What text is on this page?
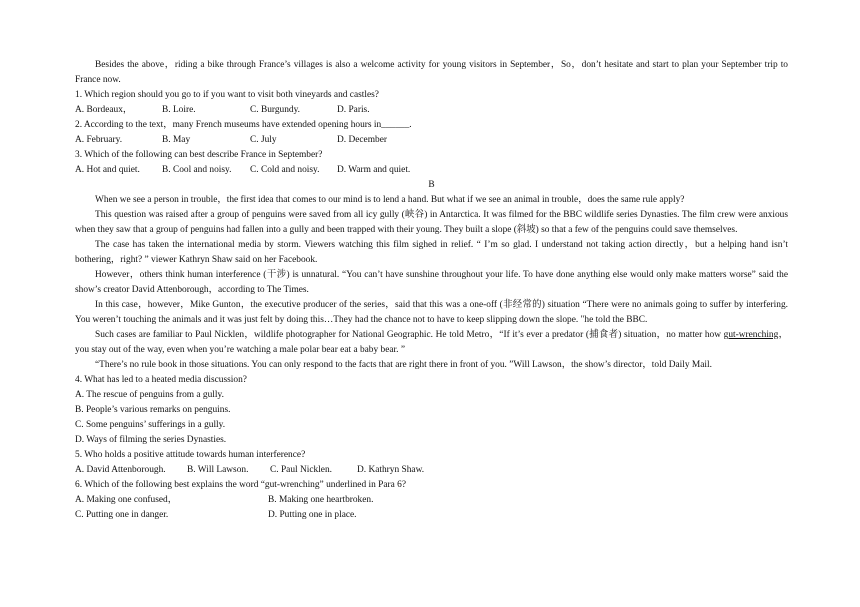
Besides the above，riding a bike through France’s villages is also a welcome activity for young visitors in September，So，don’t hesitate and start to plan your September trip to France now.
1. Which region should you go to if you want to visit both vineyards and castles?
A. Bordeaux，	B. Loire.	C. Burgundy.	D. Paris.
2. According to the text，many French museums have extended opening hours in______.
A. February.	B. May	C. July	D. December
3. Which of the following can best describe France in September?
A. Hot and quiet.	B. Cool and noisy.	C. Cold and noisy.	D. Warm and quiet.
B
When we see a person in trouble，the first idea that comes to our mind is to lend a hand. But what if we see an animal in trouble，does the same rule apply?
This question was raised after a group of penguins were saved from all icy gully (峡谷) in Antarctica. It was filmed for the BBC wildlife series Dynasties. The film crew were anxious when they saw that a group of penguins had fallen into a gully and been trapped with their young. They built a slope (斜坡) so that a few of the penguins could save themselves.
The case has taken the international media by storm. Viewers watching this film sighed in relief. “ I’m so glad. I understand not taking action directly，but a helping hand isn’t bothering，right? ” viewer Kathryn Shaw said on her Facebook.
However，others think human interference (干涉) is unnatural. “You can’t have sunshine throughout your life. To have done anything else would only make matters worse” said the show’s creator David Attenborough，according to The Times.
In this case，however，Mike Gunton，the executive producer of the series，said that this was a one-off (非经常的) situation “There were no animals going to suffer by interfering. You weren’t touching the animals and it was just felt by doing this…They had the chance not to have to keep slipping down the slope. "he told the BBC.
Such cases are familiar to Paul Nicklen，wildlife photographer for National Geographic. He told Metro，“If it’s ever a predator (捕食者) situation，no matter how gut-wrenching，you stay out of the way, even when you’re watching a male polar bear eat a baby bear. ”
“There’s no rule book in those situations. You can only respond to the facts that are right there in front of you. ”Will Lawson，the show’s director，told Daily Mail.
4. What has led to a heated media discussion?
A. The rescue of penguins from a gully.
B. People’s various remarks on penguins.
C. Some penguins’ sufferings in a gully.
D. Ways of filming the series Dynasties.
5. Who holds a positive attitude towards human interference?
A. David Attenborough.	B. Will Lawson.	C. Paul Nicklen.	D. Kathryn Shaw.
6. Which of the following best explains the word “gut-wrenching” underlined in Para 6?
A. Making one confused，	B. Making one heartbroken.
C. Putting one in danger.	D. Putting one in place.
